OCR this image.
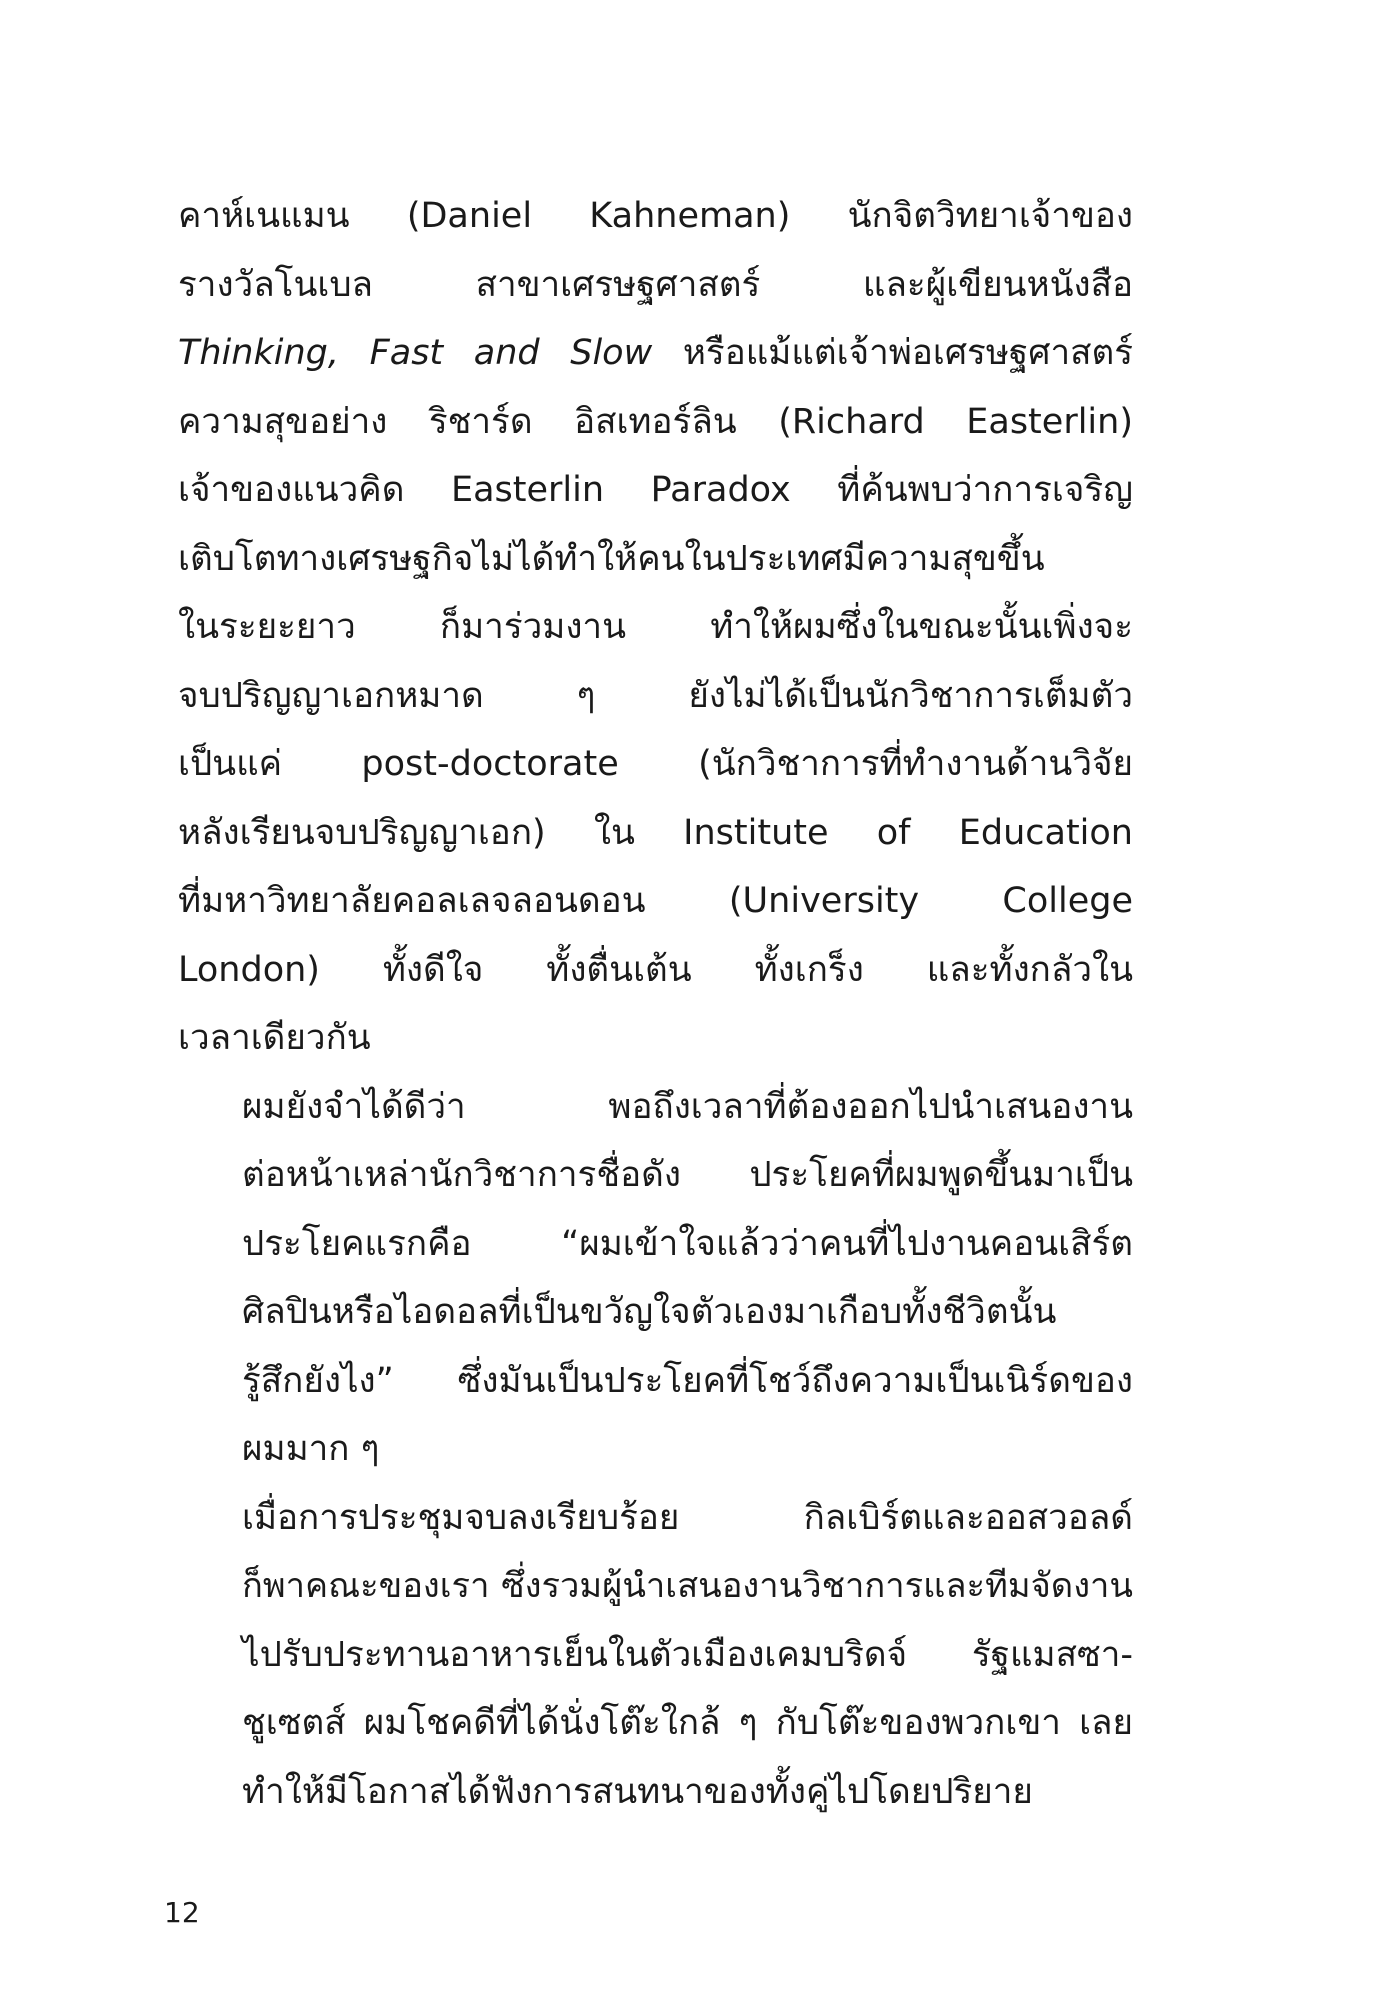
คาห์เนแมน (Daniel Kahneman) นักจิตวิทยาเจ้าของ
รางวัลโนเบล สาขาเศรษฐศาสตร์ และผู้เขียนหนังสือ
Thinking, Fast and Slow หรือแม้แต่เจ้าพ่อเศรษฐศาสตร์
ความสุขอย่าง ริชาร์ด อิสเทอร์ลิน (Richard Easterlin)
เจ้าของแนวคิด Easterlin Paradox ที่ค้นพบว่าการเจริญ
เติบโตทางเศรษฐกิจไม่ได้ทำให้คนในประเทศมีความสุขขึ้น
ในระยะยาว ก็มาร่วมงาน ทำให้ผมซึ่งในขณะนั้นเพิ่งจะ
จบปริญญาเอกหมาด ๆ ยังไม่ได้เป็นนักวิชาการเต็มตัว
เป็นแค่ post-doctorate (นักวิชาการที่ทำงานด้านวิจัย
หลังเรียนจบปริญญาเอก) ใน Institute of Education
ที่มหาวิทยาลัยคอลเลจลอนดอน (University College
London) ทั้งดีใจ ทั้งตื่นเต้น ทั้งเกร็ง และทั้งกลัวใน
เวลาเดียวกัน
ผมยังจำได้ดีว่า พอถึงเวลาที่ต้องออกไปนำเสนองาน
ต่อหน้าเหล่านักวิชาการชื่อดัง ประโยคที่ผมพูดขึ้นมาเป็น
ประโยคแรกคือ “ผมเข้าใจแล้วว่าคนที่ไปงานคอนเสิร์ต
ศิลปินหรือไอดอลที่เป็นขวัญใจตัวเองมาเกือบทั้งชีวิตนั้น
รู้สึกยังไง” ซึ่งมันเป็นประโยคที่โชว์ถึงความเป็นเนิร์ดของ
ผมมาก ๆ
เมื่อการประชุมจบลงเรียบร้อย กิลเบิร์ตและออสวอลด์
ก็พาคณะของเรา ซึ่งรวมผู้นำเสนองานวิชาการและทีมจัดงาน
ไปรับประทานอาหารเย็นในตัวเมืองเคมบริดจ์ รัฐแมสซา-
ชูเซตส์ ผมโชคดีที่ได้นั่งโต๊ะใกล้ ๆ กับโต๊ะของพวกเขา เลย
ทำให้มีโอกาสได้ฟังการสนทนาของทั้งคู่ไปโดยปริยาย
12
